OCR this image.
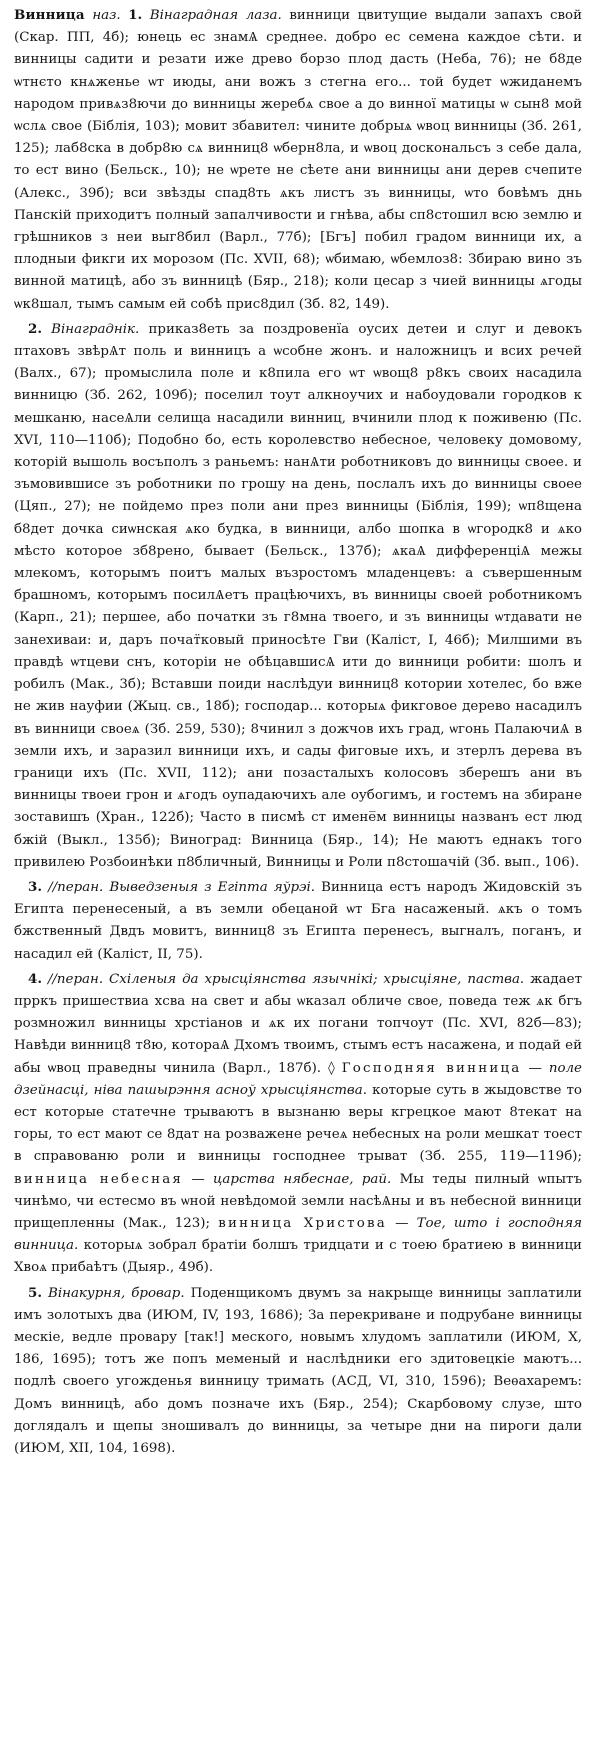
Винница наз. 1. Вінаградная лаза. винници цвитущие выдали запахъ свой (Скар. ПП, 4б); юнець ес знамѦ среднее. добро ес семена каждое сѣти. и винницы садити и резати иже древо борзо плод дасть (Неба, 76); не б8де ѡтнєто кнѧженье ѡт июды, ани вожъ з стегна его... той будет ѡжиданемъ народом привѧз8ючи до винницы жеребѧ свое а до винної матицы ѡ сын8 мой ѡслѧ свое (Біблія, 103); мовит збавител: чините добрыѧ ѡвоц винницы (Зб. 261, 125); лаб8ска в добр8ю сѧ винниц8 ѡберн8ла, и ѡвоц доскональсъ з себе дала, то ест вино (Бельск., 10); не ѡрете не сѣете ани винницы ани дерев счепите (Алекс., 39б); вси звѣзды спад8ть ѧкъ листъ зъ винницы, ѡто бовѣмъ днь Панскій приходитъ полный запалчивости и гнѣва, абы сп8стошил всю землю и грѣшников з неи выг8бил (Варл., 77б); [Бгъ] побил градом винници их, а плодныи фикги их морозом (Пс. XVII, 68); ѡбимаю, ѡбемлоз8: Збираю вино зъ винной матицѣ, або зъ винницѣ (Бяр., 218); коли цесар з чией винницы ѧгоды ѡк8шал, тымъ самым ей собѣ прис8дил (Зб. 82, 149).

2. Вінаграднік. приказ8еть за поздровенїа оусих детеи и слуг и девокъ птаховъ звѣрѦт поль и винницъ а ѡсобне жонъ. и наложницъ и всих речей (Валх., 67); промыслила поле и к8пила его ѡт ѡвощ8 р8къ своих насадила винницю (Зб. 262, 109б); поселил тоут алкноучих и набоудовали городков к мешканю, насеѦли селища насадили винниц, вчинили плод к поживеню (Пс. XVI, 110—110б); Подобно бо, есть королевство небесное, человеку домовому, которій вышоль восъполъ з раньемъ: нанѦти роботниковъ до винницы своее. и зъмовившисе зъ роботники по грошу на день, послалъ ихъ до винницы своее (Цяп., 27); не пойдемо през поли ани през винницы (Біблія, 199); ѡп8щена б8дет дочка сиѡнская ѧко будка, в винници, албо шопка в ѡгородк8 и ѧко мѣсто которое зб8рено, бывает (Бельск., 137б); ѧкаѦ дифференціѦ межы млекомъ, которымъ поитъ малых възростомъ младенцевъ: а съвершенным брашномъ, которымъ посилѦетъ працѣючихъ, въ винницы своей роботникомъ (Карп., 21); першее, або початки зъ г8мна твоего, и зъ винницы ѡтдавати не занехиваи: и, даръ почат̈ковый приносѣте Гви (Каліст, I, 46б); Милшими въ правдѣ ѡтцеви снъ, которіи не обѣцавшисѦ ити до винници робити: шолъ и робилъ (Мак., 3б); Вставши поиди наслѣдуи винниц8 котории хотелес, бо вже не жив науфии (Жыц. св., 18б); господар... которыѧ фикговое дерево насадилъ въ винници своеѧ (Зб. 259, 530); 8чинил з дожчов ихъ град, ѡгонь ПалаючиѦ в земли ихъ, и заразил винници ихъ, и сады фиговые ихъ, и зтерлъ дерева въ граници ихъ (Пс. XVII, 112); ани позасталыхъ колосовъ зберешъ ани въ винницы твоеи грон и ѧгодъ оупадаючихъ але оубогимъ, и гостемъ на збиране зоставишъ (Хран., 122б); Часто в писмѣ ст имене̅м винницы названъ ест люд бжій (Выкл., 135б); Виноград: Винница (Бяр., 14); Не маютъ еднакъ того привилею Розбоинѣки п8бличный, Винницы и Роли п8стошачій (Зб. вып., 106).

3. //перан. Выведзеныя з Егіпта яўрэі. Винница естъ народъ Жидовскій зъ Египта перенесеный, а въ земли обецаной ѡт Бга насаженый. ѧкъ о томъ бжственный Двдъ мовитъ, винниц8 зъ Египта перенесъ, выгналъ, поганъ, и насадил ей (Каліст, II, 75).

4. //перан. Схіленыя да хрысціянства язычнікі; хрысціяне, паства. жадает прркъ пришествиа хсва на свет и абы ѡказал обличе свое, поведа теж ѧк бгъ розмножил винницы хрстіанов и ѧк их погани топчоут (Пс. XVI, 82б—83); Навѣди винниц8 т8ю, котораѦ Дхомъ твоимъ, стымъ естъ насажена, и подай ей абы ѡвоц праведны чинила (Варл., 187б). ◊ Господняя винница — поле дзейнасці, ніва пашырэння асноў хрысціянства. которые суть в жыдовстве то ест которые статечне трываютъ в вызнаню веры кгрецкое мают 8текат на горы, то ест мают се 8дат на розважене речеѧ небесных на роли мешкат тоест в справованю роли и винницы господнее трыват (Зб. 255, 119—119б); винница небесная — царства нябеснае, рай. Мы теды пилный ѡпытъ чинѣмо, чи естесмо въ ѡной невѣдомой земли насѣѦны и въ небесной винници прищепленны (Мак., 123); винница Христова — Тое, што і господняя винница. которыѧ зобрал братіи болшъ тридцати и с тоею братиею в винници Хвоѧ прибаѣтъ (Дыяр., 49б).

5. Вінакурня, бровар. Поденщикомъ двумъ за накрыще винницы заплатили имъ золотыхъ два (ИЮМ, IV, 193, 1686); За перекриване и подрубане винницы мескіе, ведле провару [так!] меского, новымъ хлудомъ заплатили (ИЮМ, X, 186, 1695); тотъ же попъ меменый и наслѣдники его здитовецкіе маютъ... подлѣ своего угожденья винницу тримать (АСД, VI, 310, 1596); Веѳахаремъ: Домъ винницѣ, або домъ позначе ихъ (Бяр., 254); Скарбовому слузе, што доглядалъ и щепы зношивалъ до винницы, за четыре дни на пироги дали (ИЮМ, XII, 104, 1698).
